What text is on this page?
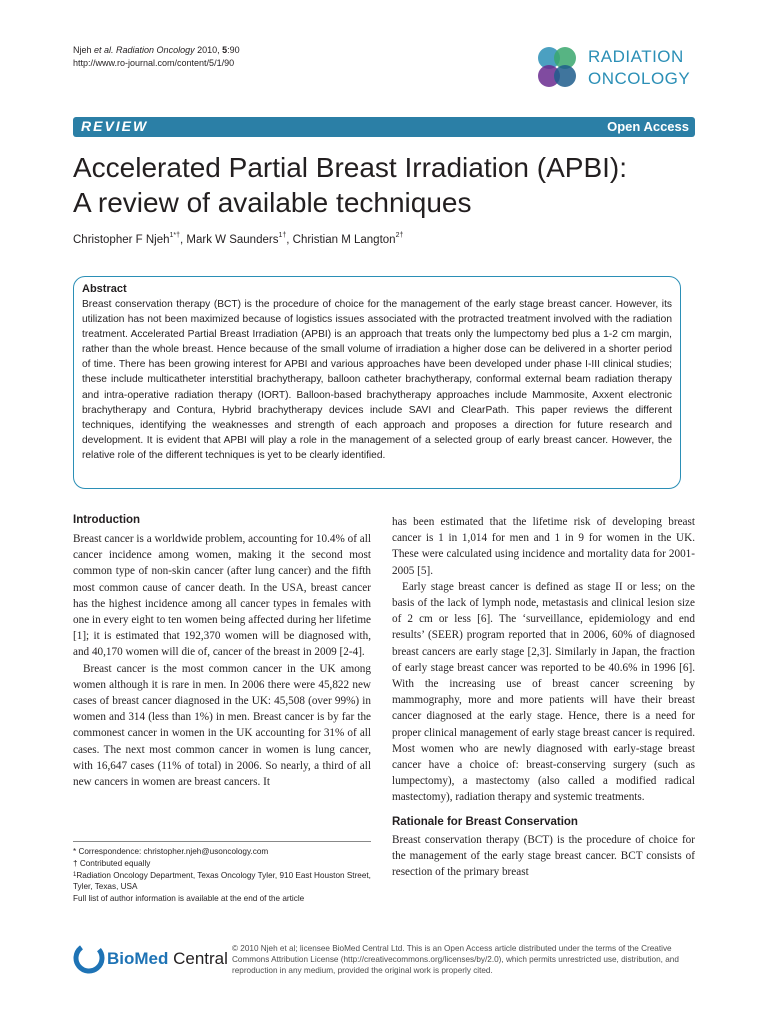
Njeh et al. Radiation Oncology 2010, 5:90
http://www.ro-journal.com/content/5/1/90	RADIATION
ONCOLOGY
REVIEW	Open Access
Accelerated Partial Breast Irradiation (APBI):
A review of available techniques
Christopher F Njeh$^{1*\dagger}$, Mark W Saunders$^{1\dagger}$, Christian M Langton$^{2\dagger}$
Abstract

Breast conservation therapy (BCT) is the procedure of choice for the management of the early stage breast cancer. However, its utilization has not been maximized because of logistics issues associated with the protracted treatment involved with the radiation treatment. Accelerated Partial Breast Irradiation (APBI) is an approach that treats only the lumpectomy bed plus a 1-2 cm margin, rather than the whole breast. Hence because of the small volume of irradiation a higher dose can be delivered in a shorter period of time. There has been growing interest for APBI and various approaches have been developed under phase I-III clinical studies; these include multicatheter interstitial brachytherapy, balloon catheter brachytherapy, conformal external beam radiation therapy and intra-operative radiation therapy (IORT). Balloon-based brachytherapy approaches include Mammosite, Axxent electronic brachytherapy and Contura, Hybrid brachytherapy devices include SAVI and ClearPath. This paper reviews the different techniques, identifying the weaknesses and strength of each approach and proposes a direction for future research and development. It is evident that APBI will play a role in the management of a selected group of early breast cancer. However, the relative role of the different techniques is yet to be clearly identified.

Introduction

Breast cancer is a worldwide problem, accounting for 10.4% of all cancer incidence among women, making it the second most common type of non-skin cancer (after lung cancer) and the fifth most common cause of cancer death. In the USA, breast cancer has the highest incidence among all cancer types in females with one in every eight to ten women being affected during her lifetime [1]; it is estimated that 192,370 women will be diagnosed with, and 40,170 women will die of, cancer of the breast in 2009 [2-4].

Breast cancer is the most common cancer in the UK among women although it is rare in men. In 2006 there were 45,822 new cases of breast cancer diagnosed in the UK: 45,508 (over 99%) in women and 314 (less than 1%) in men. Breast cancer is by far the commonest cancer in women in the UK accounting for 31% of all cases. The next most common cancer in women is lung cancer, with 16,647 cases (11% of total) in 2006. So nearly, a third of all new cancers in women are breast cancers. It

has been estimated that the lifetime risk of developing breast cancer is 1 in 1,014 for men and 1 in 9 for women in the UK. These were calculated using incidence and mortality data for 2001-2005 [5].

Early stage breast cancer is defined as stage II or less; on the basis of the lack of lymph node, metastasis and clinical lesion size of 2 cm or less [6]. The ‘surveillance, epidemiology and end results’ (SEER) program reported that in 2006, 60% of diagnosed breast cancers are early stage [2,3]. Similarly in Japan, the fraction of early stage breast cancer was reported to be 40.6% in 1996 [6]. With the increasing use of breast cancer screening by mammography, more and more patients will have their breast cancer diagnosed at the early stage. Hence, there is a need for proper clinical management of early stage breast cancer is required. Most women who are newly diagnosed with early-stage breast cancer have a choice of: breast-conserving surgery (such as lumpectomy), a mastectomy (also called a modified radical mastectomy), radiation therapy and systemic treatments.

Rationale for Breast Conservation

Breast conservation therapy (BCT) is the procedure of choice for the management of the early stage breast cancer. BCT consists of resection of the primary breast

* Correspondence: christopher.njeh@usoncology.com
† Contributed equally
$^1$Radiation Oncology Department, Texas Oncology Tyler, 910 East Houston Street, Tyler, Texas, USA
Full list of author information is available at the end of the article
BioMed Central
© 2010 Njeh et al; licensee BioMed Central Ltd. This is an Open Access article distributed under the terms of the Creative Commons Attribution License (http://creativecommons.org/licenses/by/2.0), which permits unrestricted use, distribution, and reproduction in any medium, provided the original work is properly cited.
